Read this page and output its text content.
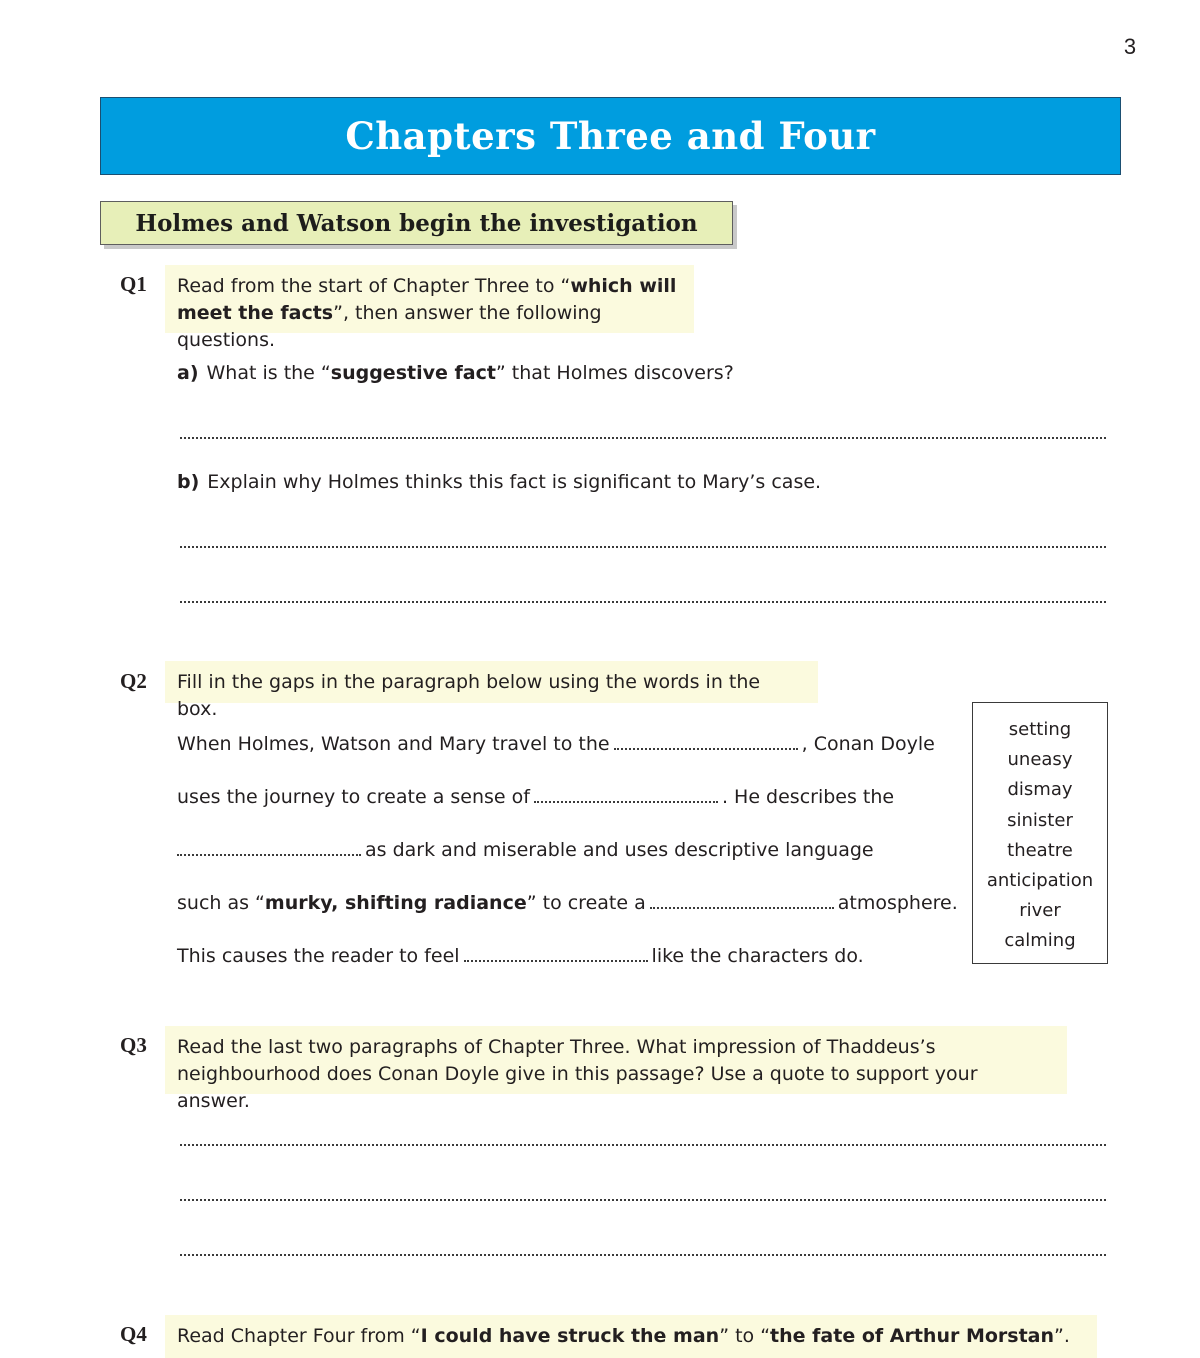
3
Chapters Three and Four
Holmes and Watson begin the investigation
Q1	Read from the start of Chapter Three to “which will
meet the facts”, then answer the following questions.
a) What is the “suggestive fact” that Holmes discovers?
b) Explain why Holmes thinks this fact is significant to Mary’s case.
Q2	Fill in the gaps in the paragraph below using the words in the box.
When Holmes, Watson and Mary travel to the	, Conan Doyle
uses the journey to create a sense of	. He describes the
as dark and miserable and uses descriptive language
such as “murky, shifting radiance” to create a	atmosphere.
This causes the reader to feel	like the characters do.
setting
uneasy
dismay
sinister
theatre
anticipation
river
calming
Q3	Read the last two paragraphs of Chapter Three. What impression of Thaddeus’s
neighbourhood does Conan Doyle give in this passage? Use a quote to support your answer.
Q4	Read Chapter Four from “I could have struck the man” to “the fate of Arthur Morstan”.
